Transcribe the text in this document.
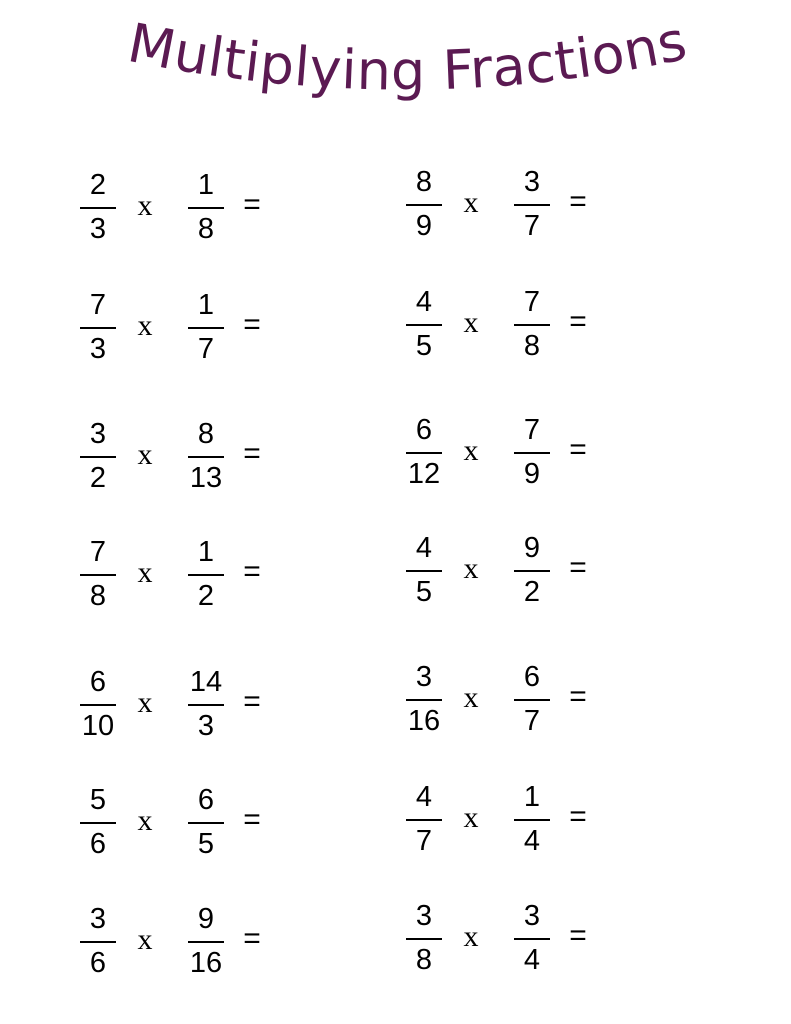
Multiplying Fractions
2
3
x
1
8
=
7
3
x
1
7
=
3
2
x
8
13
=
7
8
x
1
2
=
6
10
x
14
3
=
5
6
x
6
5
=
3
6
x
9
16
=
8
9
x
3
7
=
4
5
x
7
8
=
6
12
x
7
9
=
4
5
x
9
2
=
3
16
x
6
7
=
4
7
x
1
4
=
3
8
x
3
4
=
